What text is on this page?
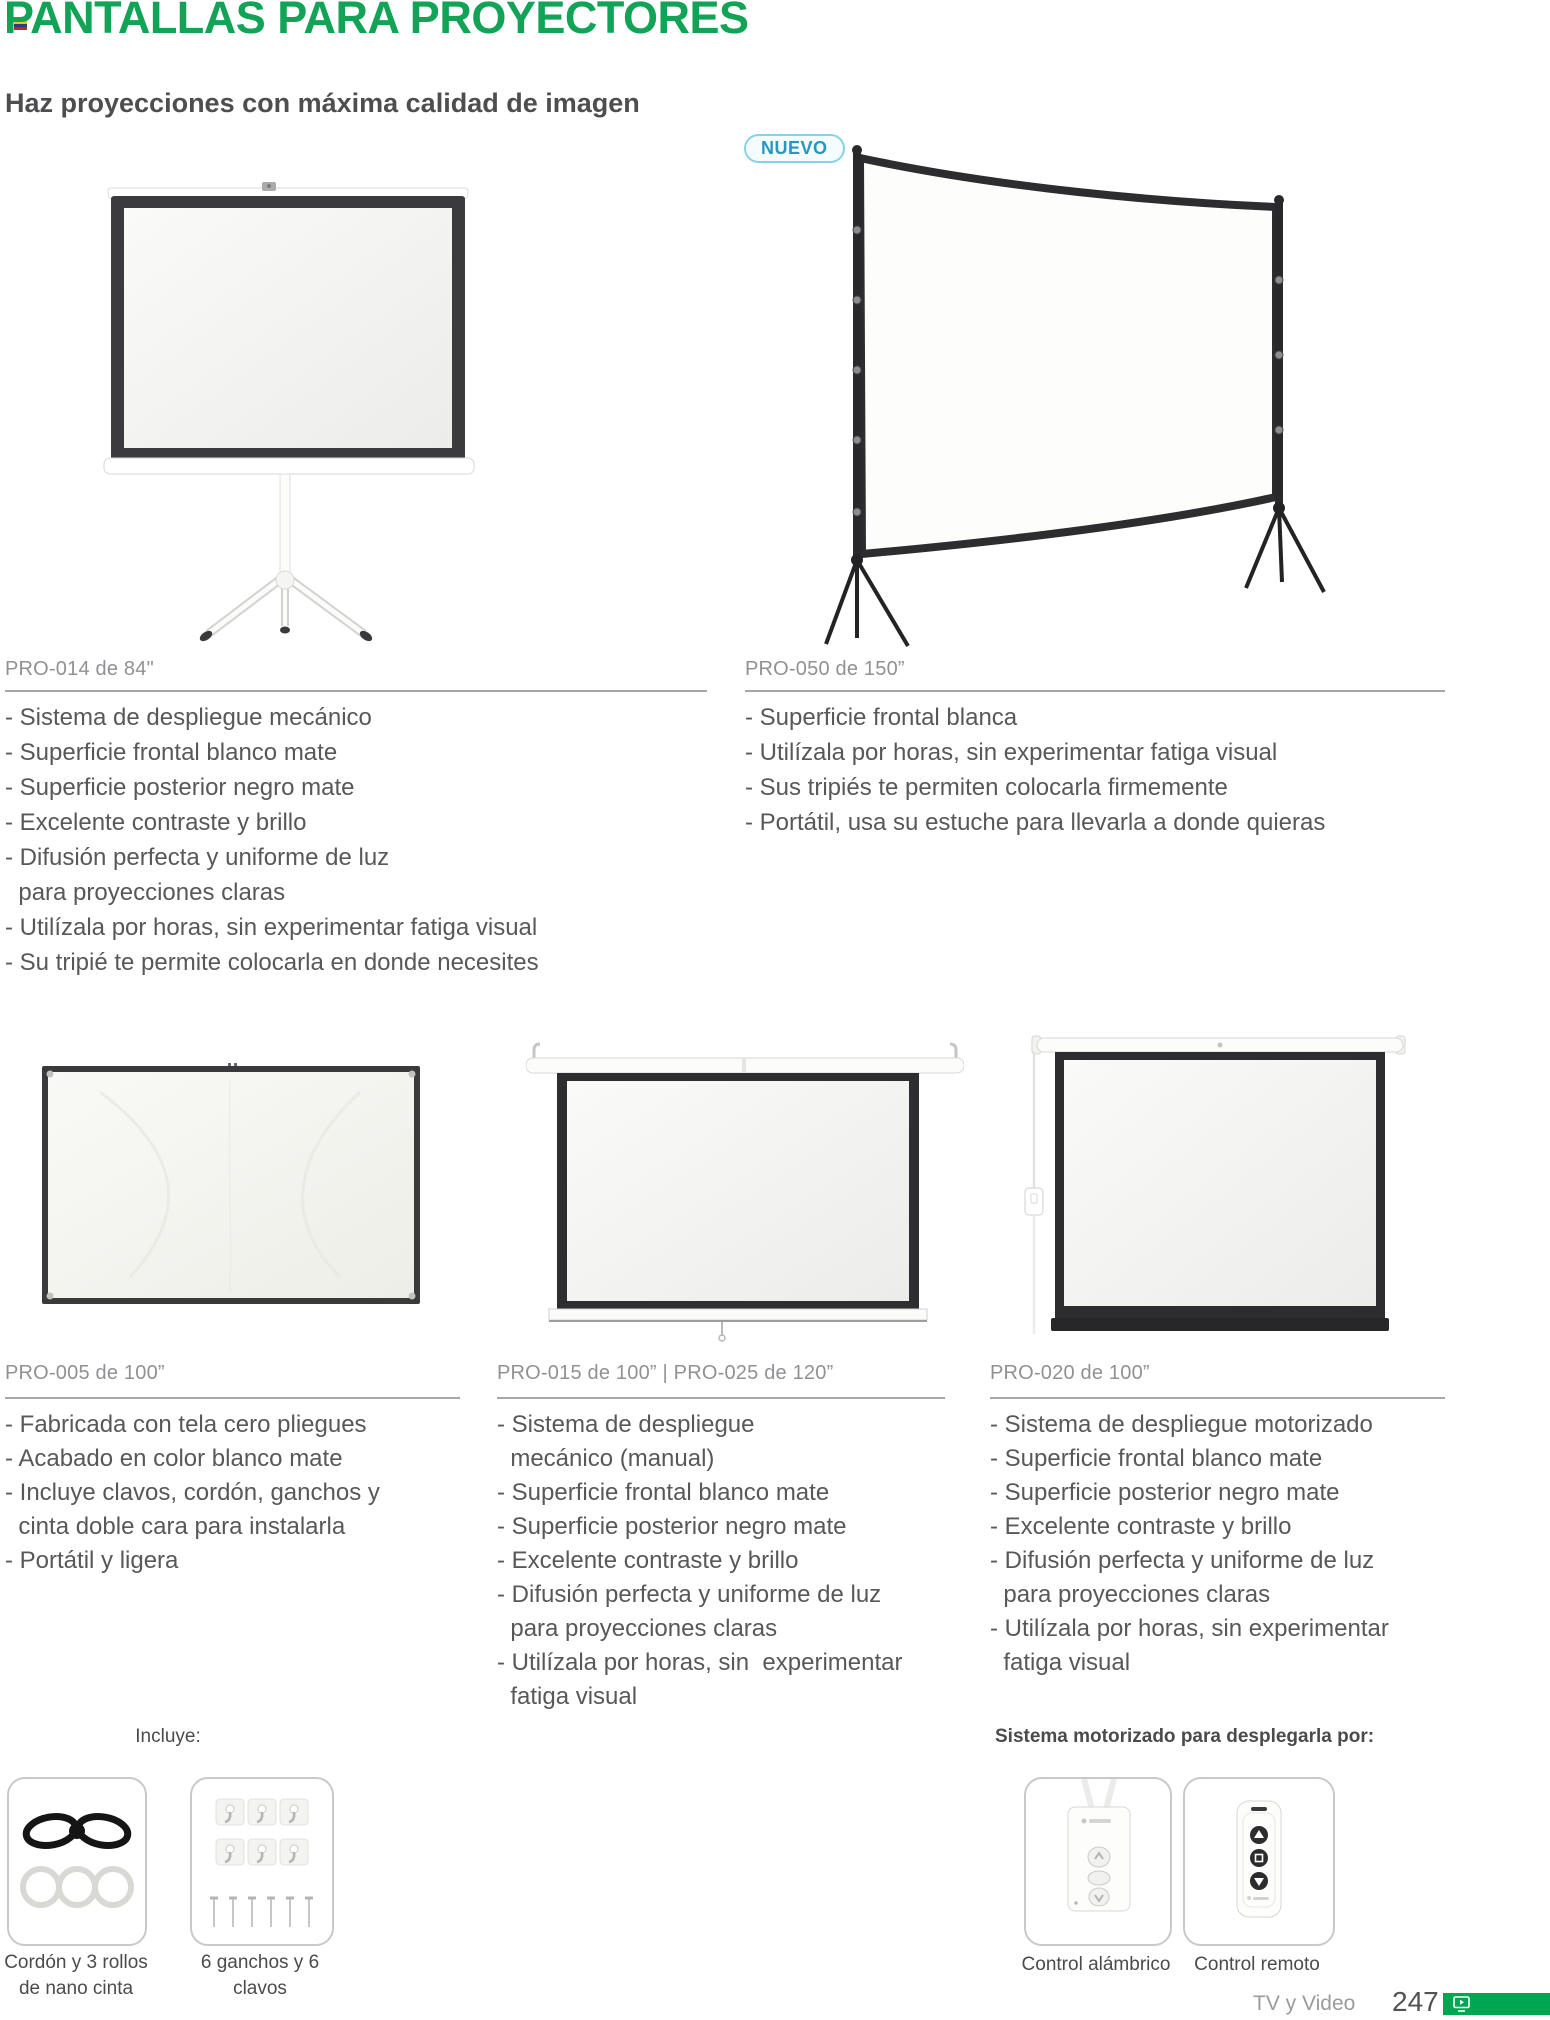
PANTALLAS PARA PROYECTORES
Haz proyecciones con máxima calidad de imagen
NUEVO
PRO-014 de 84"
- Sistema de despliegue mecánico
- Superficie frontal blanco mate
- Superficie posterior negro mate
- Excelente contraste y brillo
- Difusión perfecta y uniforme de luz
para proyecciones claras
- Utilízala por horas, sin experimentar fatiga visual
- Su tripié te permite colocarla en donde necesites
PRO-050 de 150”
- Superficie frontal blanca
- Utilízala por horas, sin experimentar fatiga visual
- Sus tripiés te permiten colocarla firmemente
- Portátil, usa su estuche para llevarla a donde quieras
PRO-005 de 100”
- Fabricada con tela cero pliegues
- Acabado en color blanco mate
- Incluye clavos, cordón, ganchos y
cinta doble cara para instalarla
- Portátil y ligera
PRO-015 de 100” | PRO-025 de 120”
- Sistema de despliegue
mecánico (manual)
- Superficie frontal blanco mate
- Superficie posterior negro mate
- Excelente contraste y brillo
- Difusión perfecta y uniforme de luz
para proyecciones claras
- Utilízala por horas, sin  experimentar
fatiga visual
PRO-020 de 100”
- Sistema de despliegue motorizado
- Superficie frontal blanco mate
- Superficie posterior negro mate
- Excelente contraste y brillo
- Difusión perfecta y uniforme de luz
para proyecciones claras
- Utilízala por horas, sin experimentar
fatiga visual
Incluye:
Cordón y 3 rollos de nano cinta
6 ganchos y 6 clavos
Sistema motorizado para desplegarla por:
Control alámbrico	Control remoto
TV y Video 247
